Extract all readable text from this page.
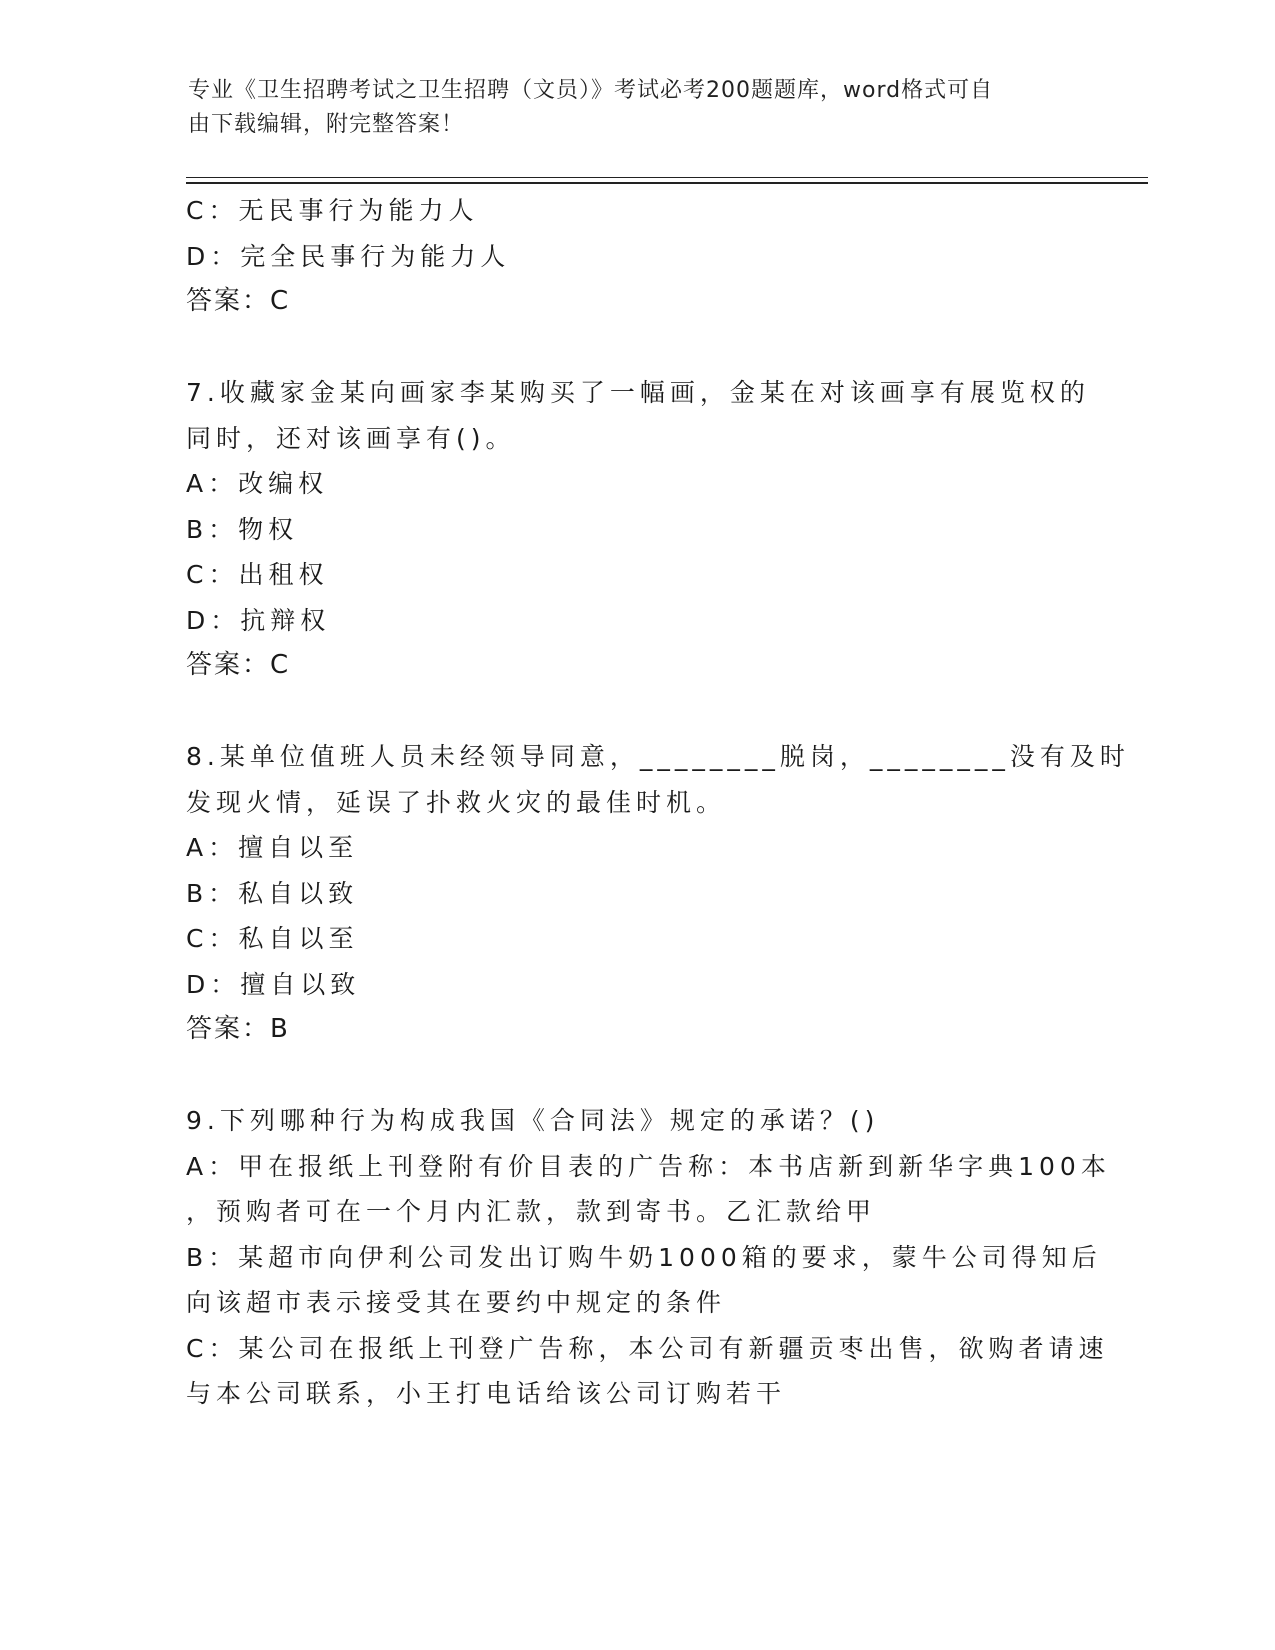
专业《卫生招聘考试之卫生招聘（文员）》考试必考200题题库，word格式可自
由下载编辑，附完整答案！
C：无民事行为能力人
D：完全民事行为能力人
答案：C
7.收藏家金某向画家李某购买了一幅画，金某在对该画享有展览权的
同时，还对该画享有()。
A：改编权
B：物权
C：出租权
D：抗辩权
答案：C
8.某单位值班人员未经领导同意，________脱岗，________没有及时
发现火情，延误了扑救火灾的最佳时机。
A：擅自以至
B：私自以致
C：私自以至
D：擅自以致
答案：B
9.下列哪种行为构成我国《合同法》规定的承诺？()
A：甲在报纸上刊登附有价目表的广告称：本书店新到新华字典100本
，预购者可在一个月内汇款，款到寄书。乙汇款给甲
B：某超市向伊利公司发出订购牛奶1000箱的要求，蒙牛公司得知后
向该超市表示接受其在要约中规定的条件
C：某公司在报纸上刊登广告称，本公司有新疆贡枣出售，欲购者请速
与本公司联系，小王打电话给该公司订购若干
